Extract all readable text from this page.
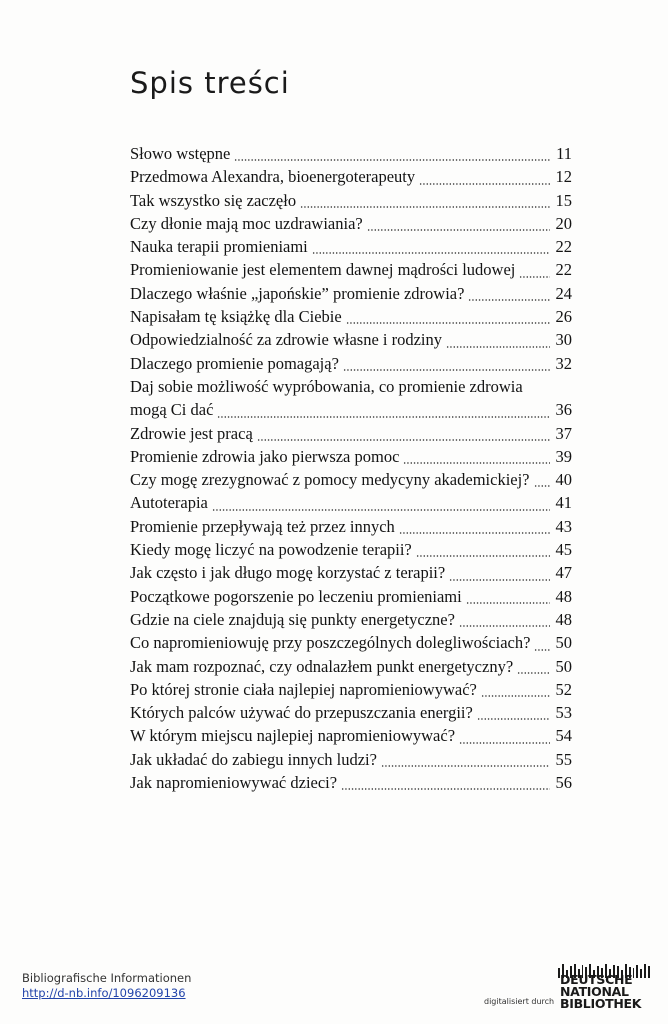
Spis treści
Słowo wstępne	11
Przedmowa Alexandra, bioenergoterapeuty	12
Tak wszystko się zaczęło	15
Czy dłonie mają moc uzdrawiania?	20
Nauka terapii promieniami	22
Promieniowanie jest elementem dawnej mądrości ludowej 22
Dlaczego właśnie „japońskie” promienie zdrowia?	24
Napisałam tę książkę dla Ciebie	26
Odpowiedzialność za zdrowie własne i rodziny	30
Dlaczego promienie pomagają?	32
Daj sobie możliwość wypróbowania, co promienie zdrowia
mogą Ci dać	36
Zdrowie jest pracą	37
Promienie zdrowia jako pierwsza pomoc	39
Czy mogę zrezygnować z pomocy medycyny akademickiej? 40
Autoterapia	41
Promienie przepływają też przez innych	43
Kiedy mogę liczyć na powodzenie terapii?	45
Jak często i jak długo mogę korzystać z terapii?	47
Początkowe pogorszenie po leczeniu promieniami	48
Gdzie na ciele znajdują się punkty energetyczne?	48
Co napromieniowuję przy poszczególnych dolegliwościach? 50
Jak mam rozpoznać, czy odnalazłem punkt energetyczny?	50
Po której stronie ciała najlepiej napromieniowywać?	52
Których palców używać do przepuszczania energii?	53
W którym miejscu najlepiej napromieniowywać?	54
Jak układać do zabiegu innych ludzi?	55
Jak napromieniowywać dzieci?	56
Bibliografische Informationen
http://d-nb.info/1096209136
digitalisiert durch
DEUTSCHE
NATIONAL
BIBLIOTHEK
